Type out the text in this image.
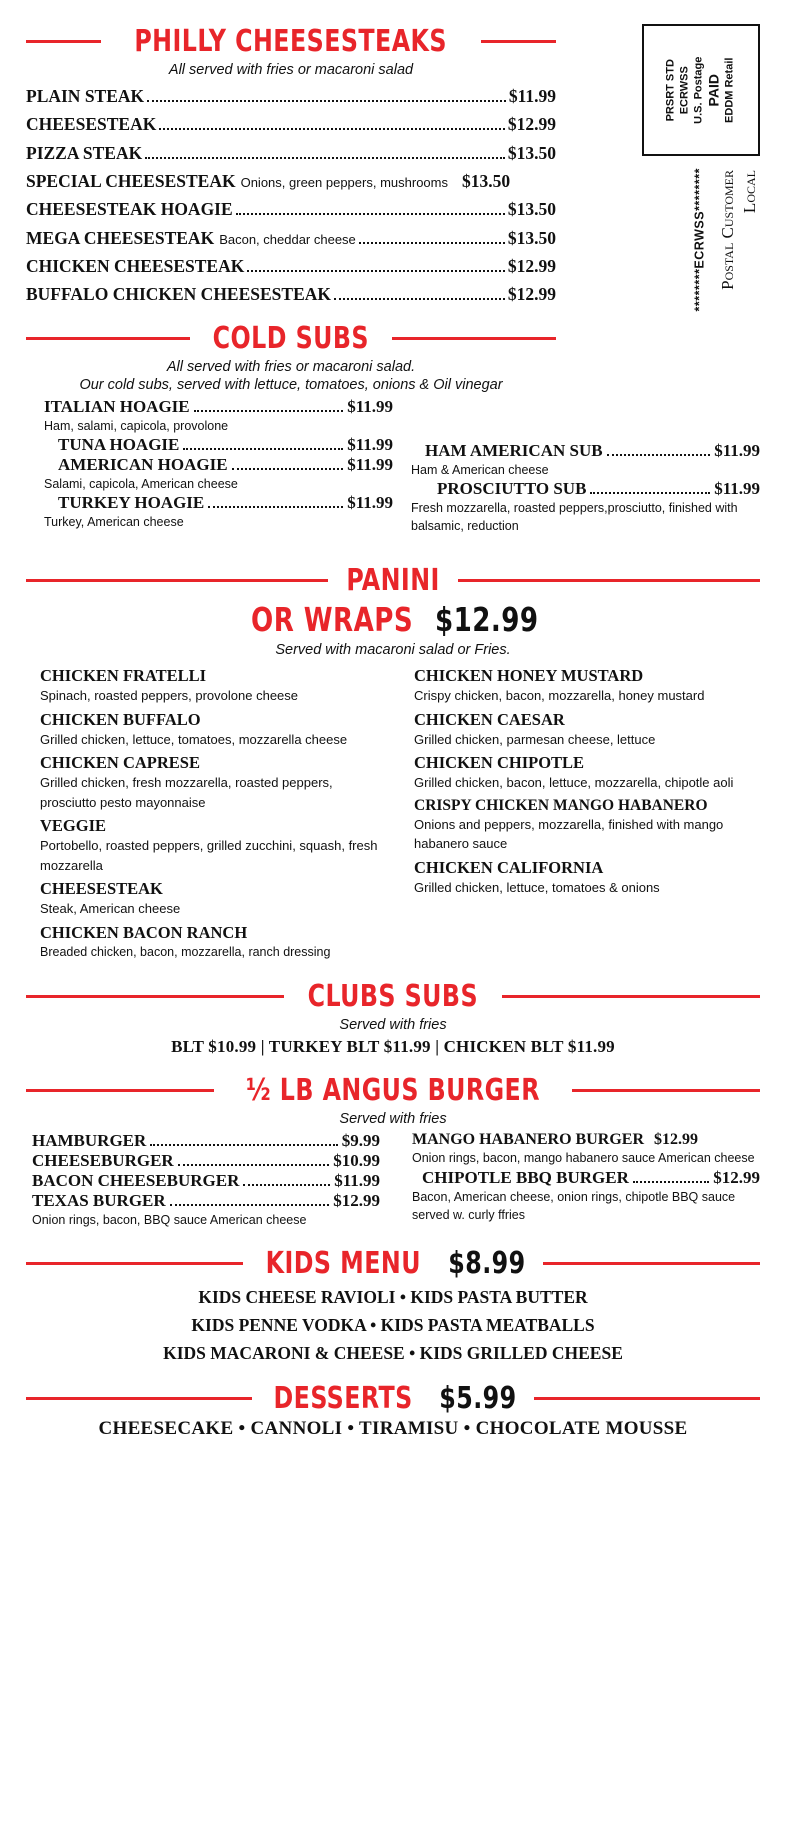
PRSRT STD ECRWSS U.S. Postage PAID EDDM Retail
********ECRWSS******** Local
Postal Customer
PHILLY CHEESESTEAKS
All served with fries or macaroni salad
PLAIN STEAK	$11.99
CHEESESTEAK	$12.99
PIZZA STEAK	$13.50
SPECIAL CHEESESTEAK Onions, green peppers, mushrooms $13.50
CHEESESTEAK HOAGIE	$13.50
MEGA CHEESESTEAK Bacon, cheddar cheese	$13.50
CHICKEN CHEESESTEAK	$12.99
BUFFALO CHICKEN CHEESESTEAK	$12.99
COLD SUBS
All served with fries or macaroni salad.
Our cold subs, served with lettuce, tomatoes, onions & Oil vinegar
ITALIAN HOAGIE	$11.99
Ham, salami, capicola, provolone
TUNA HOAGIE	$11.99
AMERICAN HOAGIE	$11.99
Salami, capicola, American cheese
TURKEY HOAGIE	$11.99
Turkey, American cheese
HAM AMERICAN SUB	$11.99
Ham & American cheese
PROSCIUTTO SUB	$11.99
Fresh mozzarella, roasted peppers,prosciutto, finished with balsamic, reduction
PANINI
OR WRAPS $12.99
Served with macaroni salad or Fries.
CHICKEN FRATELLI
Spinach, roasted peppers, provolone cheese
CHICKEN BUFFALO
Grilled chicken, lettuce, tomatoes, mozzarella cheese
CHICKEN CAPRESE
Grilled chicken, fresh mozzarella, roasted peppers, prosciutto pesto mayonnaise
VEGGIE
Portobello, roasted peppers, grilled zucchini, squash, fresh mozzarella
CHEESESTEAK
Steak, American cheese
CHICKEN BACON RANCH
Breaded chicken, bacon, mozzarella, ranch dressing
CHICKEN HONEY MUSTARD
Crispy chicken, bacon, mozzarella, honey mustard
CHICKEN CAESAR
Grilled chicken, parmesan cheese, lettuce
CHICKEN CHIPOTLE
Grilled chicken, bacon, lettuce, mozzarella, chipotle aoli
CRISPY CHICKEN MANGO HABANERO
Onions and peppers, mozzarella, finished with mango habanero sauce
CHICKEN CALIFORNIA
Grilled chicken, lettuce, tomatoes & onions
CLUBS SUBS
Served with fries
BLT $10.99 | TURKEY BLT $11.99 | CHICKEN BLT $11.99
½ LB ANGUS BURGER
Served with fries
HAMBURGER	$9.99
CHEESEBURGER	$10.99
BACON CHEESEBURGER	$11.99
TEXAS BURGER	$12.99
Onion rings, bacon, BBQ sauce American cheese
MANGO HABANERO BURGER $12.99
Onion rings, bacon, mango habanero sauce American cheese
CHIPOTLE BBQ BURGER	$12.99
Bacon, American cheese, onion rings, chipotle BBQ sauce served w. curly ffries
KIDS MENU $8.99
KIDS CHEESE RAVIOLI • KIDS PASTA BUTTER
KIDS PENNE VODKA • KIDS PASTA MEATBALLS
KIDS MACARONI & CHEESE • KIDS GRILLED CHEESE
DESSERTS $5.99
CHEESECAKE • CANNOLI • TIRAMISU • CHOCOLATE MOUSSE
